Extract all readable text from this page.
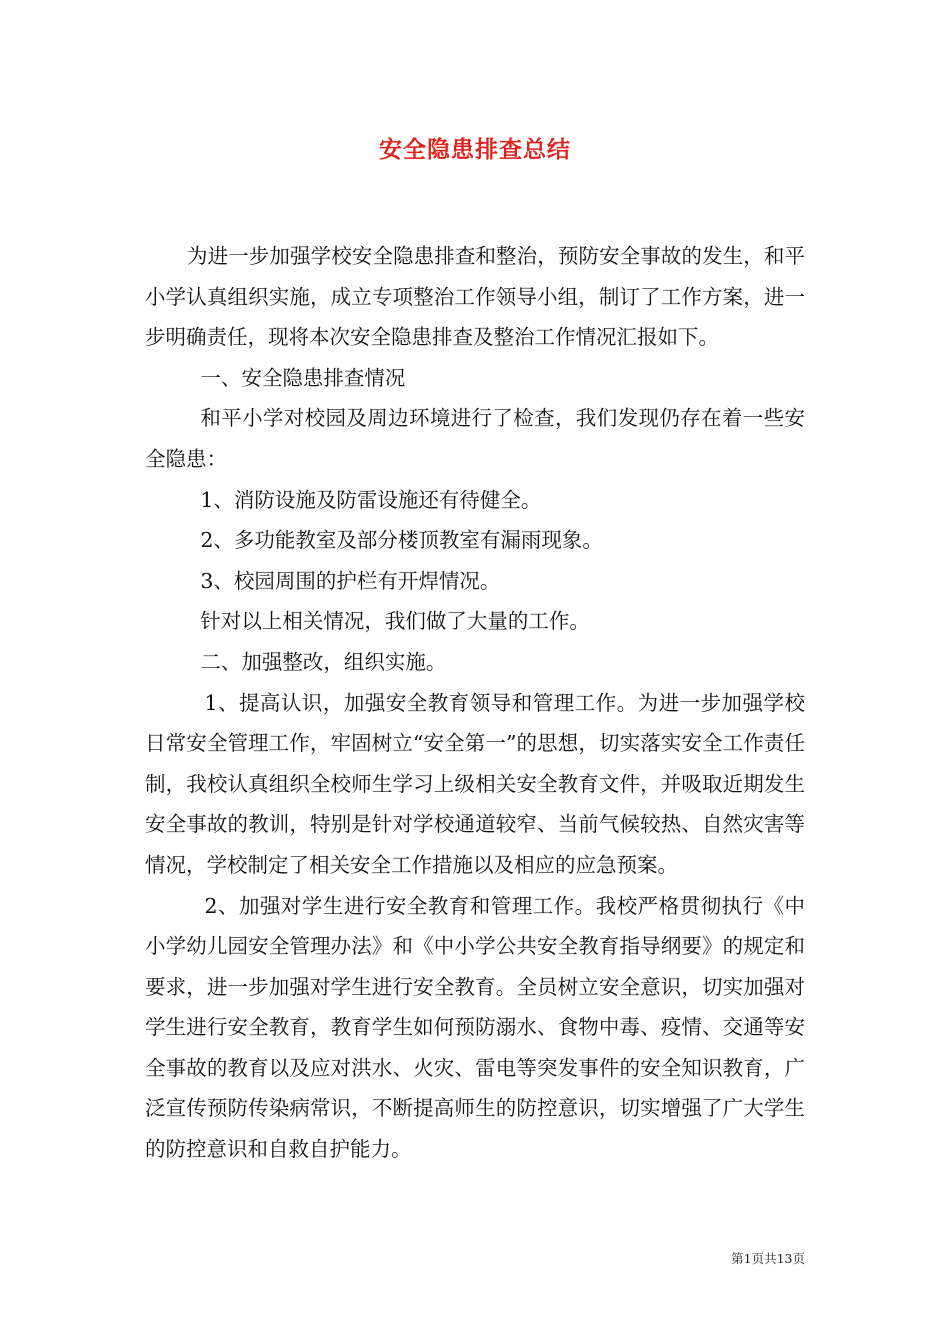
安全隐患排查总结

为进一步加强学校安全隐患排查和整治，预防安全事故的发生，和平小学认真组织实施，成立专项整治工作领导小组，制订了工作方案，进一步明确责任，现将本次安全隐患排查及整治工作情况汇报如下。

一、安全隐患排查情况

和平小学对校园及周边环境进行了检查，我们发现仍存在着一些安全隐患：

1、消防设施及防雷设施还有待健全。

2、多功能教室及部分楼顶教室有漏雨现象。

3、校园周围的护栏有开焊情况。

针对以上相关情况，我们做了大量的工作。

二、加强整改，组织实施。

1、提高认识，加强安全教育领导和管理工作。为进一步加强学校日常安全管理工作，牢固树立“安全第一”的思想，切实落实安全工作责任制，我校认真组织全校师生学习上级相关安全教育文件，并吸取近期发生安全事故的教训，特别是针对学校通道较窄、当前气候较热、自然灾害等情况，学校制定了相关安全工作措施以及相应的应急预案。

2、加强对学生进行安全教育和管理工作。我校严格贯彻执行《中小学幼儿园安全管理办法》和《中小学公共安全教育指导纲要》的规定和要求，进一步加强对学生进行安全教育。全员树立安全意识，切实加强对学生进行安全教育，教育学生如何预防溺水、食物中毒、疫情、交通等安全事故的教育以及应对洪水、火灾、雷电等突发事件的安全知识教育，广泛宣传预防传染病常识，不断提高师生的防控意识，切实增强了广大学生的防控意识和自救自护能力。

第1页共13页
